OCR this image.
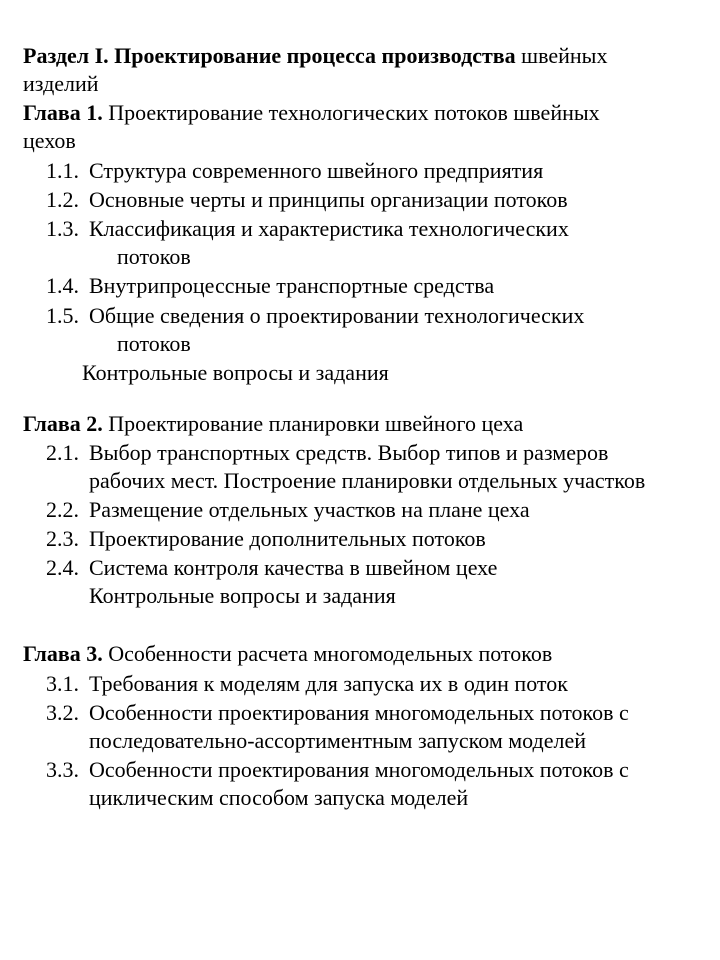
Раздел I. Проектирование процесса производства швейных
изделий
Глава 1. Проектирование технологических потоков швейных
цехов
1.1. Структура современного швейного предприятия
1.2. Основные черты и принципы организации потоков
1.3. Классификация и характеристика технологических
потоков
1.4. Внутрипроцессные транспортные средства
1.5. Общие сведения о проектировании технологических
потоков
Контрольные вопросы и задания
Глава 2. Проектирование планировки швейного цеха
2.1. Выбор транспортных средств. Выбор типов и размеров
рабочих мест. Построение планировки отдельных участков
2.2. Размещение отдельных участков на плане цеха
2.3. Проектирование дополнительных потоков
2.4. Система контроля качества в швейном цехе
Контрольные вопросы и задания
Глава 3. Особенности расчета многомодельных потоков
3.1. Требования к моделям для запуска их в один поток
3.2. Особенности проектирования многомодельных потоков с
последовательно-ассортиментным запуском моделей
3.3. Особенности проектирования многомодельных потоков с
циклическим способом запуска моделей
